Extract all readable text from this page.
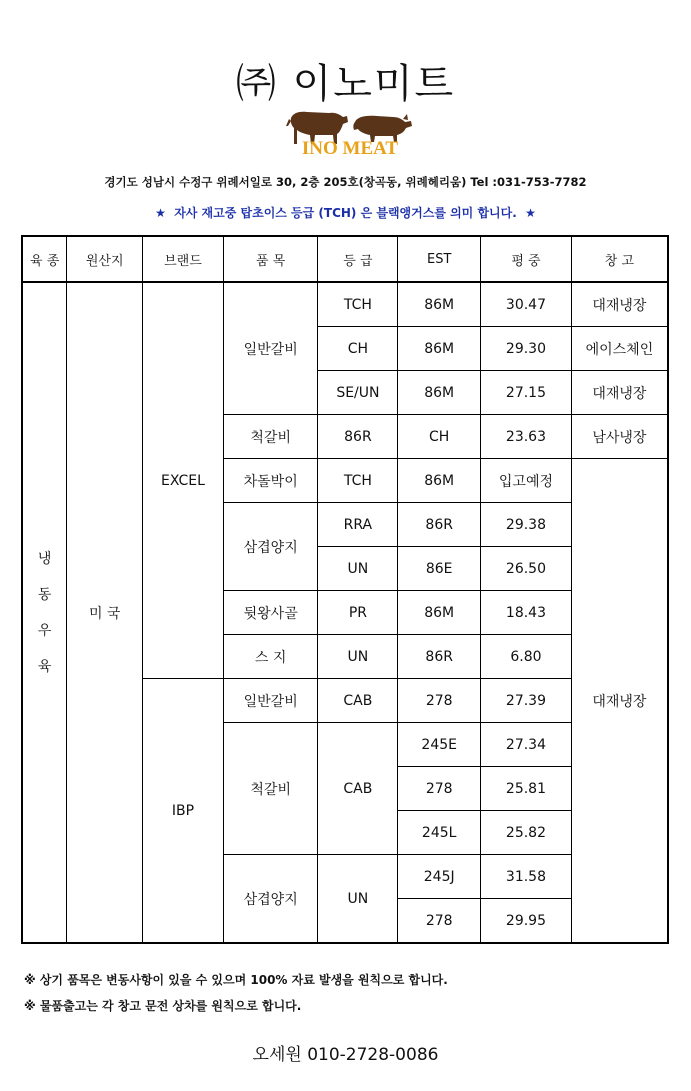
㈜ 이노미트
INO MEAT
경기도 성남시 수정구 위례서일로 30, 2층 205호(창곡동, 위례헤리움) Tel :031-753-7782
★ 자사 재고중 탑초이스 등급 (TCH) 은 블랙앵거스를 의미 합니다. ★
육 종	원산지	브랜드	품 목	등 급	EST	평 중	창 고

냉
동
우
육	미 국	EXCEL	일반갈비	TCH	86M	30.47	대재냉장
				CH	86M	29.30	에이스체인
				SE/UN	86M	27.15	대재냉장
			척갈비	86R	CH	23.63	남사냉장
			차돌박이	TCH	86M	입고예정	대재냉장
			삼겹양지	RRA	86R	29.38	
				UN	86E	26.50	
			뒷왕사골	PR	86M	18.43	
			스 지	UN	86R	6.80	
		IBP	일반갈비	CAB	278	27.39	
			척갈비	CAB	245E	27.34	
					278	25.81	
					245L	25.82	
			삼겹양지	UN	245J	31.58	
					278	29.95	
※ 상기 품목은 변동사항이 있을 수 있으며 100% 자료 발생을 원칙으로 합니다.
※ 물품출고는 각 창고 문전 상차를 원칙으로 합니다.
오세원 010-2728-0086
